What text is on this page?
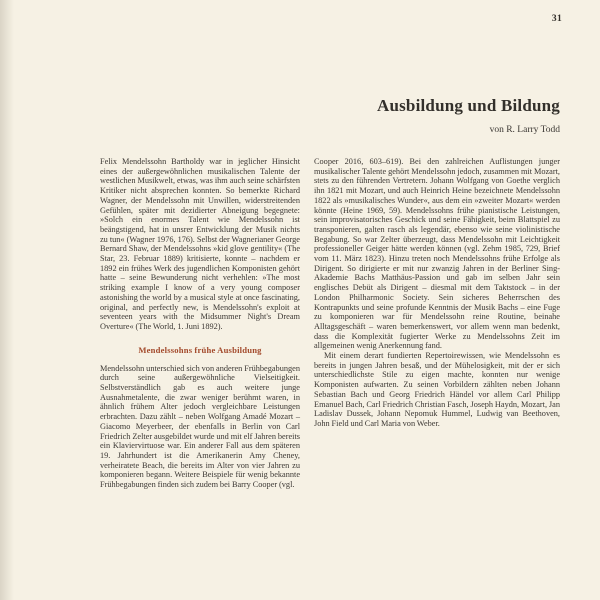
31
Ausbildung und Bildung
von R. Larry Todd

Felix Mendelssohn Bartholdy war in jeglicher Hinsicht eines der außergewöhnlichen musikalischen Talente der westlichen Musikwelt, etwas, was ihm auch seine schärfsten Kritiker nicht absprechen konnten. So bemerkte Richard Wagner, der Mendelssohn mit Unwillen, widerstreitenden Gefühlen, später mit dezidierter Abneigung begegnete: »Solch ein enormes Talent wie Mendelssohn ist beängstigend, hat in unsrer Entwicklung der Musik nichts zu tun« (Wagner 1976, 176). Selbst der Wagnerianer George Bernard Shaw, der Mendelssohns »kid glove gentility« (The Star, 23. Februar 1889) kritisierte, konnte – nachdem er 1892 ein frühes Werk des jugendlichen Komponisten gehört hatte – seine Bewunderung nicht verhehlen: »The most striking example I know of a very young composer astonishing the world by a musical style at once fascinating, original, and perfectly new, is Mendelssohn's exploit at seventeen years with the Midsummer Night's Dream Overture« (The World, 1. Juni 1892).

Mendelssohns frühe Ausbildung

Mendelssohn unterschied sich von anderen Frühbegabungen durch seine außergewöhnliche Vielseitigkeit. Selbstverständlich gab es auch weitere junge Ausnahmetalente, die zwar weniger berühmt waren, in ähnlich frühem Alter jedoch vergleichbare Leistungen erbrachten. Dazu zählt – neben Wolfgang Amadé Mozart – Giacomo Meyerbeer, der ebenfalls in Berlin von Carl Friedrich Zelter ausgebildet wurde und mit elf Jahren bereits ein Klaviervirtuose war. Ein anderer Fall aus dem späteren 19. Jahrhundert ist die Amerikanerin Amy Cheney, verheiratete Beach, die bereits im Alter von vier Jahren zu komponieren begann. Weitere Beispiele für wenig bekannte Frühbegabungen finden sich zudem bei Barry Cooper (vgl.

Cooper 2016, 603–619). Bei den zahlreichen Auflistungen junger musikalischer Talente gehört Mendelssohn jedoch, zusammen mit Mozart, stets zu den führenden Vertretern. Johann Wolfgang von Goethe verglich ihn 1821 mit Mozart, und auch Heinrich Heine bezeichnete Mendelssohn 1822 als »musikalisches Wunder«, aus dem ein »zweiter Mozart« werden könnte (Heine 1969, 59). Mendelssohns frühe pianistische Leistungen, sein improvisatorisches Geschick und seine Fähigkeit, beim Blattspiel zu transponieren, galten rasch als legendär, ebenso wie seine violinistische Begabung. So war Zelter überzeugt, dass Mendelssohn mit Leichtigkeit professioneller Geiger hätte werden können (vgl. Zehm 1985, 729, Brief vom 11. März 1823). Hinzu treten noch Mendelssohns frühe Erfolge als Dirigent. So dirigierte er mit nur zwanzig Jahren in der Berliner Sing-Akademie Bachs Matthäus-Passion und gab im selben Jahr sein englisches Debüt als Dirigent – diesmal mit dem Taktstock – in der London Philharmonic Society. Sein sicheres Beherrschen des Kontrapunkts und seine profunde Kenntnis der Musik Bachs – eine Fuge zu komponieren war für Mendelssohn reine Routine, beinahe Alltagsgeschäft – waren bemerkenswert, vor allem wenn man bedenkt, dass die Komplexität fugierter Werke zu Mendelssohns Zeit im allgemeinen wenig Anerkennung fand.

Mit einem derart fundierten Repertoirewissen, wie Mendelssohn es bereits in jungen Jahren besaß, und der Mühelosigkeit, mit der er sich unterschiedlichste Stile zu eigen machte, konnten nur wenige Komponisten aufwarten. Zu seinen Vorbildern zählten neben Johann Sebastian Bach und Georg Friedrich Händel vor allem Carl Philipp Emanuel Bach, Carl Friedrich Christian Fasch, Joseph Haydn, Mozart, Jan Ladislav Dussek, Johann Nepomuk Hummel, Ludwig van Beethoven, John Field und Carl Maria von Weber.
